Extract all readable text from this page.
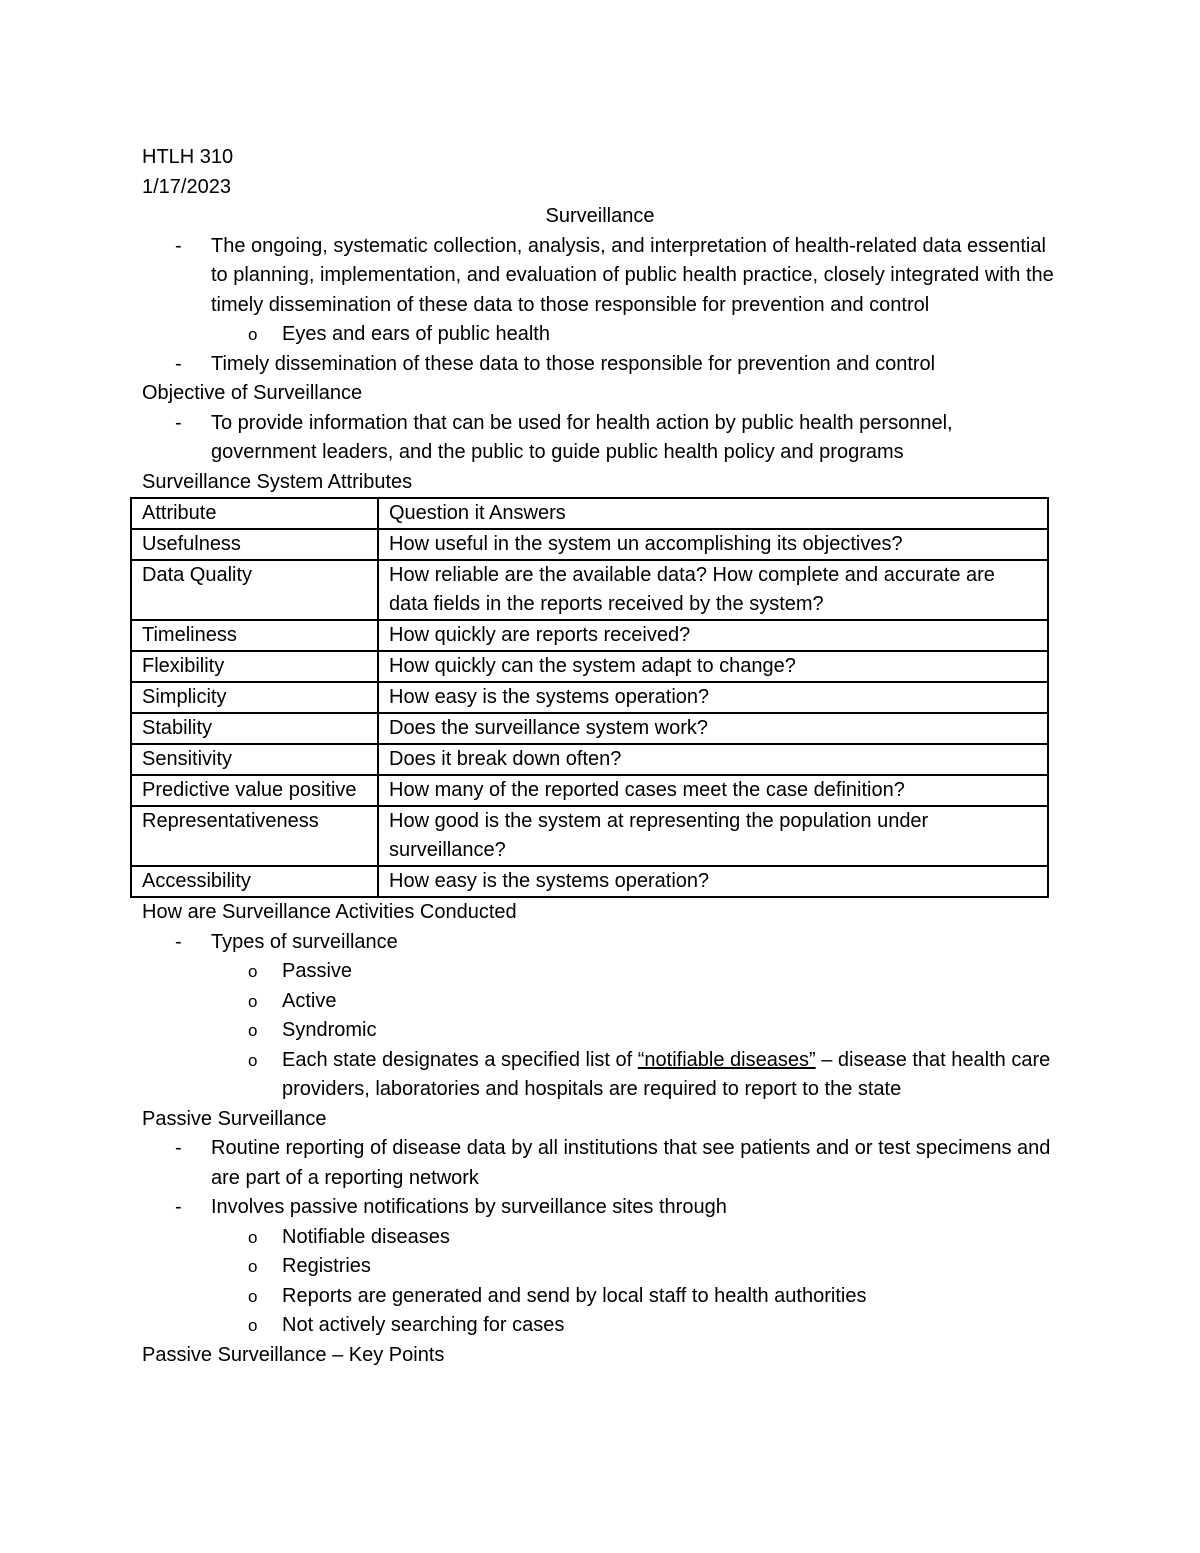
HTLH 310
1/17/2023
Surveillance
- The ongoing, systematic collection, analysis, and interpretation of health-related data essential to planning, implementation, and evaluation of public health practice, closely integrated with the timely dissemination of these data to those responsible for prevention and control
o Eyes and ears of public health
- Timely dissemination of these data to those responsible for prevention and control
Objective of Surveillance
- To provide information that can be used for health action by public health personnel, government leaders, and the public to guide public health policy and programs
Surveillance System Attributes
Attribute	Question it Answers
Usefulness	How useful in the system un accomplishing its objectives?
Data Quality	How reliable are the available data? How complete and accurate are data fields in the reports received by the system?
Timeliness	How quickly are reports received?
Flexibility	How quickly can the system adapt to change?
Simplicity	How easy is the systems operation?
Stability	Does the surveillance system work?
Sensitivity	Does it break down often?
Predictive value positive	How many of the reported cases meet the case definition?
Representativeness	How good is the system at representing the population under surveillance?
Accessibility	How easy is the systems operation?
How are Surveillance Activities Conducted
- Types of surveillance
o Passive
o Active
o Syndromic
o Each state designates a specified list of “notifiable diseases” – disease that health care providers, laboratories and hospitals are required to report to the state
Passive Surveillance
- Routine reporting of disease data by all institutions that see patients and or test specimens and are part of a reporting network
- Involves passive notifications by surveillance sites through
o Notifiable diseases
o Registries
o Reports are generated and send by local staff to health authorities
o Not actively searching for cases
Passive Surveillance – Key Points
